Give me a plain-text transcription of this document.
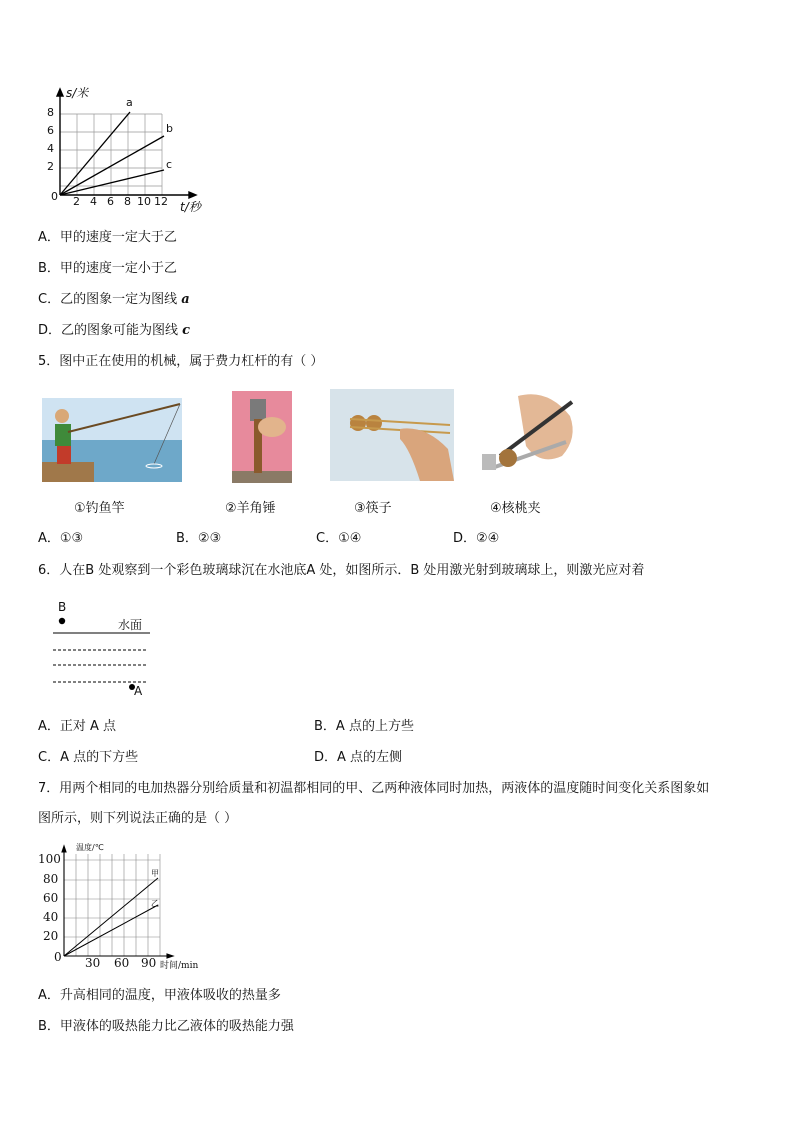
s/米
t/秒
8
6
4
2
0 2 4 6 8 10 12
a
b
c
A．甲的速度一定大于乙
B．甲的速度一定小于乙
C．乙的图象一定为图线 a
D．乙的图象可能为图线 c
5．图中正在使用的机械，属于费力杠杆的有（ ）
①钓鱼竿	②羊角锤	③筷子	④核桃夹
A．①③	B．②③	C．①④	D．②④
6．人在B 处观察到一个彩色玻璃球沉在水池底A 处，如图所示．B 处用激光射到玻璃球上，则激光应对着
B
水面
A
A．正对 A 点	B．A 点的上方些
C．A 点的下方些	D．A 点的左侧
7．用两个相同的电加热器分别给质量和初温都相同的甲、乙两种液体同时加热，两液体的温度随时间变化关系图象如
图所示，则下列说法正确的是（ ）
温度/℃
时间/min
100
80
60
40
20
0 30 60 90
甲
乙
A．升高相同的温度，甲液体吸收的热量多
B．甲液体的吸热能力比乙液体的吸热能力强
